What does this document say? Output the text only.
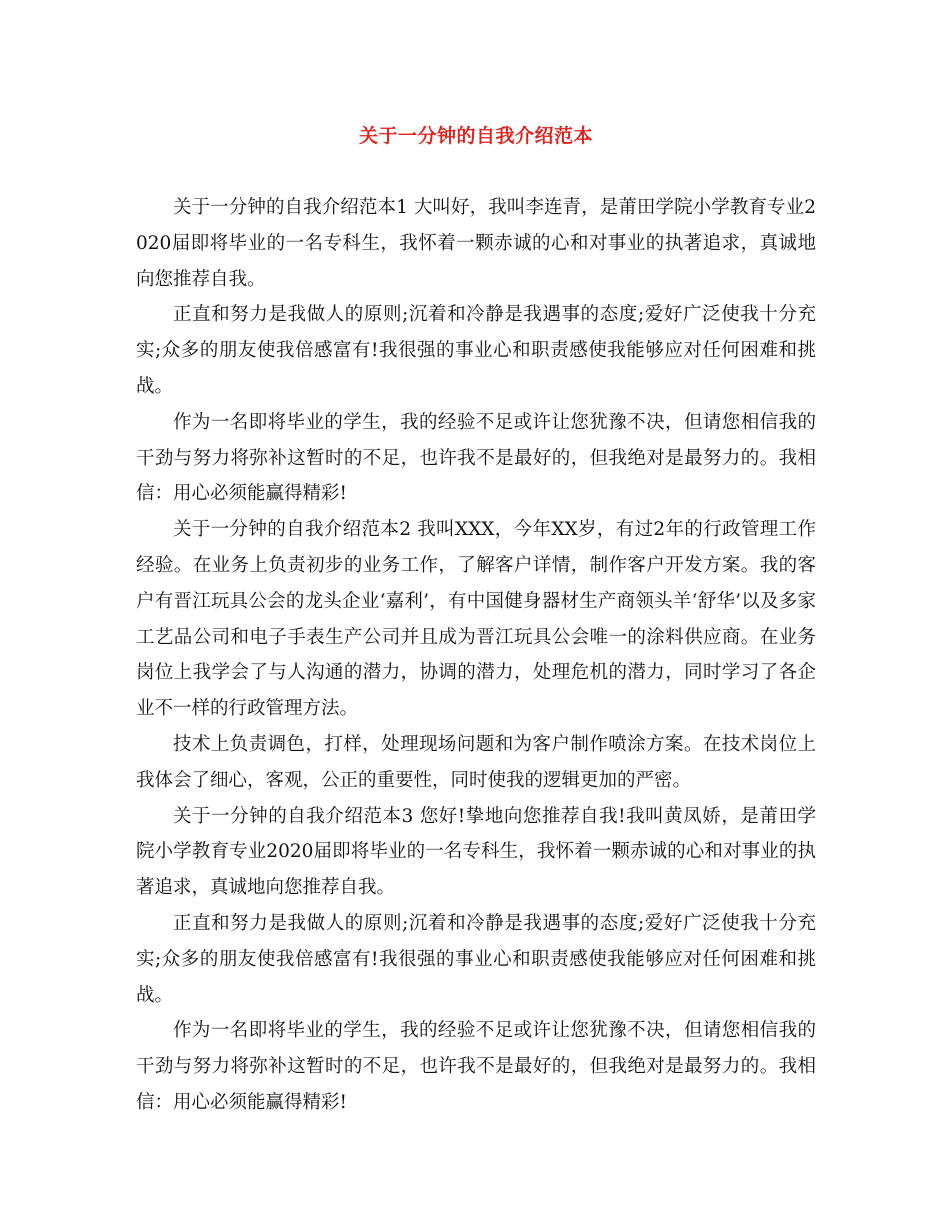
关于一分钟的自我介绍范本

关于一分钟的自我介绍范本1 大叫好，我叫李连青，是莆田学院小学教育专业2020届即将毕业的一名专科生，我怀着一颗赤诚的心和对事业的执著追求，真诚地向您推荐自我。

正直和努力是我做人的原则;沉着和冷静是我遇事的态度;爱好广泛使我十分充实;众多的朋友使我倍感富有!我很强的事业心和职责感使我能够应对任何困难和挑战。

作为一名即将毕业的学生，我的经验不足或许让您犹豫不决，但请您相信我的干劲与努力将弥补这暂时的不足，也许我不是最好的，但我绝对是最努力的。我相信：用心必须能赢得精彩!

关于一分钟的自我介绍范本2 我叫XXX，今年XX岁，有过2年的行政管理工作经验。在业务上负责初步的业务工作，了解客户详情，制作客户开发方案。我的客户有晋江玩具公会的龙头企业‘嘉利’，有中国健身器材生产商领头羊‘舒华’以及多家工艺品公司和电子手表生产公司并且成为晋江玩具公会唯一的涂料供应商。在业务岗位上我学会了与人沟通的潜力，协调的潜力，处理危机的潜力，同时学习了各企业不一样的行政管理方法。

技术上负责调色，打样，处理现场问题和为客户制作喷涂方案。在技术岗位上我体会了细心，客观，公正的重要性，同时使我的逻辑更加的严密。

关于一分钟的自我介绍范本3 您好!挚地向您推荐自我!我叫黄凤娇，是莆田学院小学教育专业2020届即将毕业的一名专科生，我怀着一颗赤诚的心和对事业的执著追求，真诚地向您推荐自我。

正直和努力是我做人的原则;沉着和冷静是我遇事的态度;爱好广泛使我十分充实;众多的朋友使我倍感富有!我很强的事业心和职责感使我能够应对任何困难和挑战。

作为一名即将毕业的学生，我的经验不足或许让您犹豫不决，但请您相信我的干劲与努力将弥补这暂时的不足，也许我不是最好的，但我绝对是最努力的。我相信：用心必须能赢得精彩!
